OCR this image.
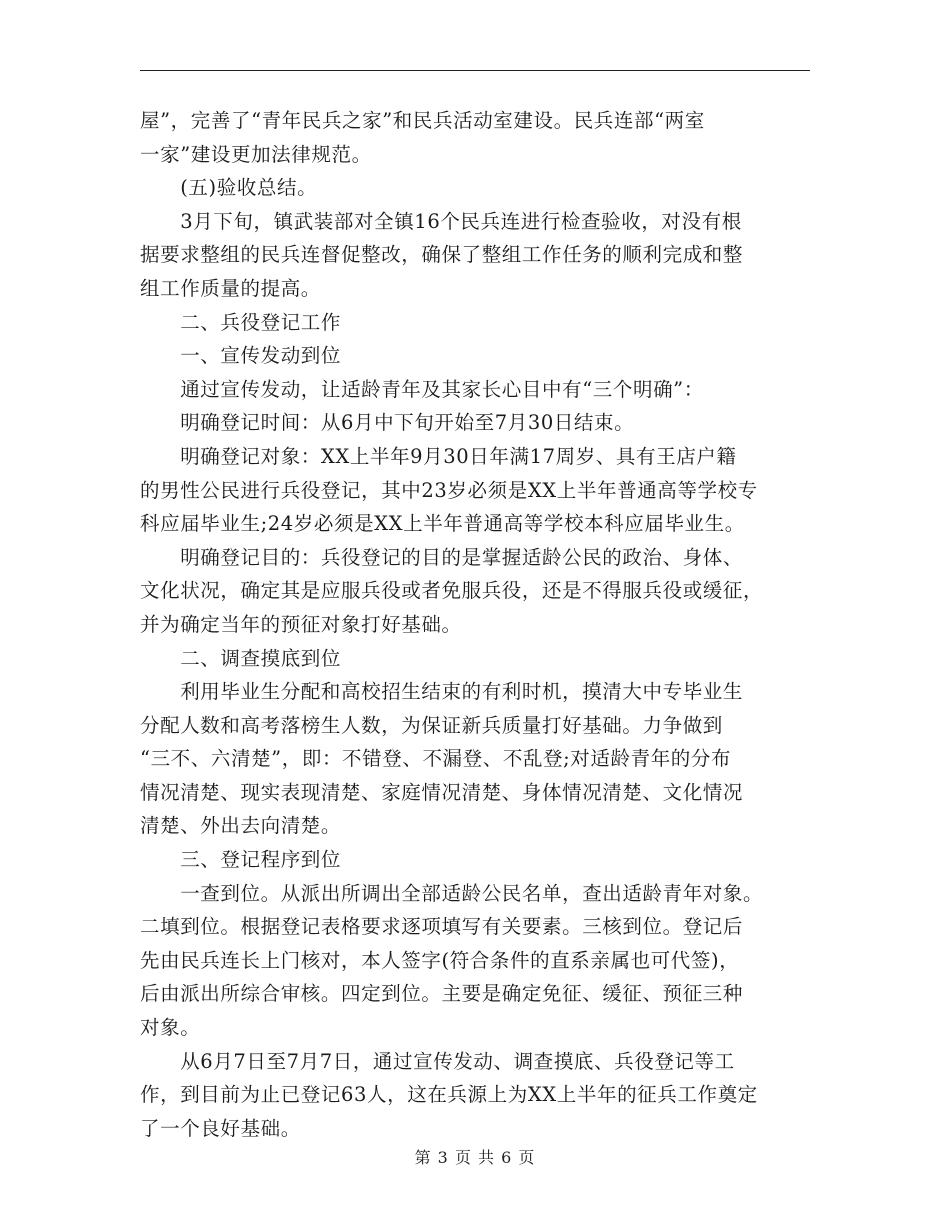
屋”，完善了“青年民兵之家”和民兵活动室建设。民兵连部“两室
一家”建设更加法律规范。
　　(五)验收总结。
　　3月下旬，镇武装部对全镇16个民兵连进行检查验收，对没有根
据要求整组的民兵连督促整改，确保了整组工作任务的顺利完成和整
组工作质量的提高。
　　二、兵役登记工作
　　一、宣传发动到位
　　通过宣传发动，让适龄青年及其家长心目中有“三个明确”：
　　明确登记时间：从6月中下旬开始至7月30日结束。
　　明确登记对象：XX上半年9月30日年满17周岁、具有王店户籍
的男性公民进行兵役登记，其中23岁必须是XX上半年普通高等学校专
科应届毕业生;24岁必须是XX上半年普通高等学校本科应届毕业生。
　　明确登记目的：兵役登记的目的是掌握适龄公民的政治、身体、
文化状况，确定其是应服兵役或者免服兵役，还是不得服兵役或缓征，
并为确定当年的预征对象打好基础。
　　二、调查摸底到位
　　利用毕业生分配和高校招生结束的有利时机，摸清大中专毕业生
分配人数和高考落榜生人数，为保证新兵质量打好基础。力争做到
“三不、六清楚”，即：不错登、不漏登、不乱登;对适龄青年的分布
情况清楚、现实表现清楚、家庭情况清楚、身体情况清楚、文化情况
清楚、外出去向清楚。
　　三、登记程序到位
　　一查到位。从派出所调出全部适龄公民名单，查出适龄青年对象。
二填到位。根据登记表格要求逐项填写有关要素。三核到位。登记后
先由民兵连长上门核对，本人签字(符合条件的直系亲属也可代签)，
后由派出所综合审核。四定到位。主要是确定免征、缓征、预征三种
对象。
　　从6月7日至7月7日，通过宣传发动、调查摸底、兵役登记等工
作，到目前为止已登记63人，这在兵源上为XX上半年的征兵工作奠定
了一个良好基础。
第 3 页 共 6 页
